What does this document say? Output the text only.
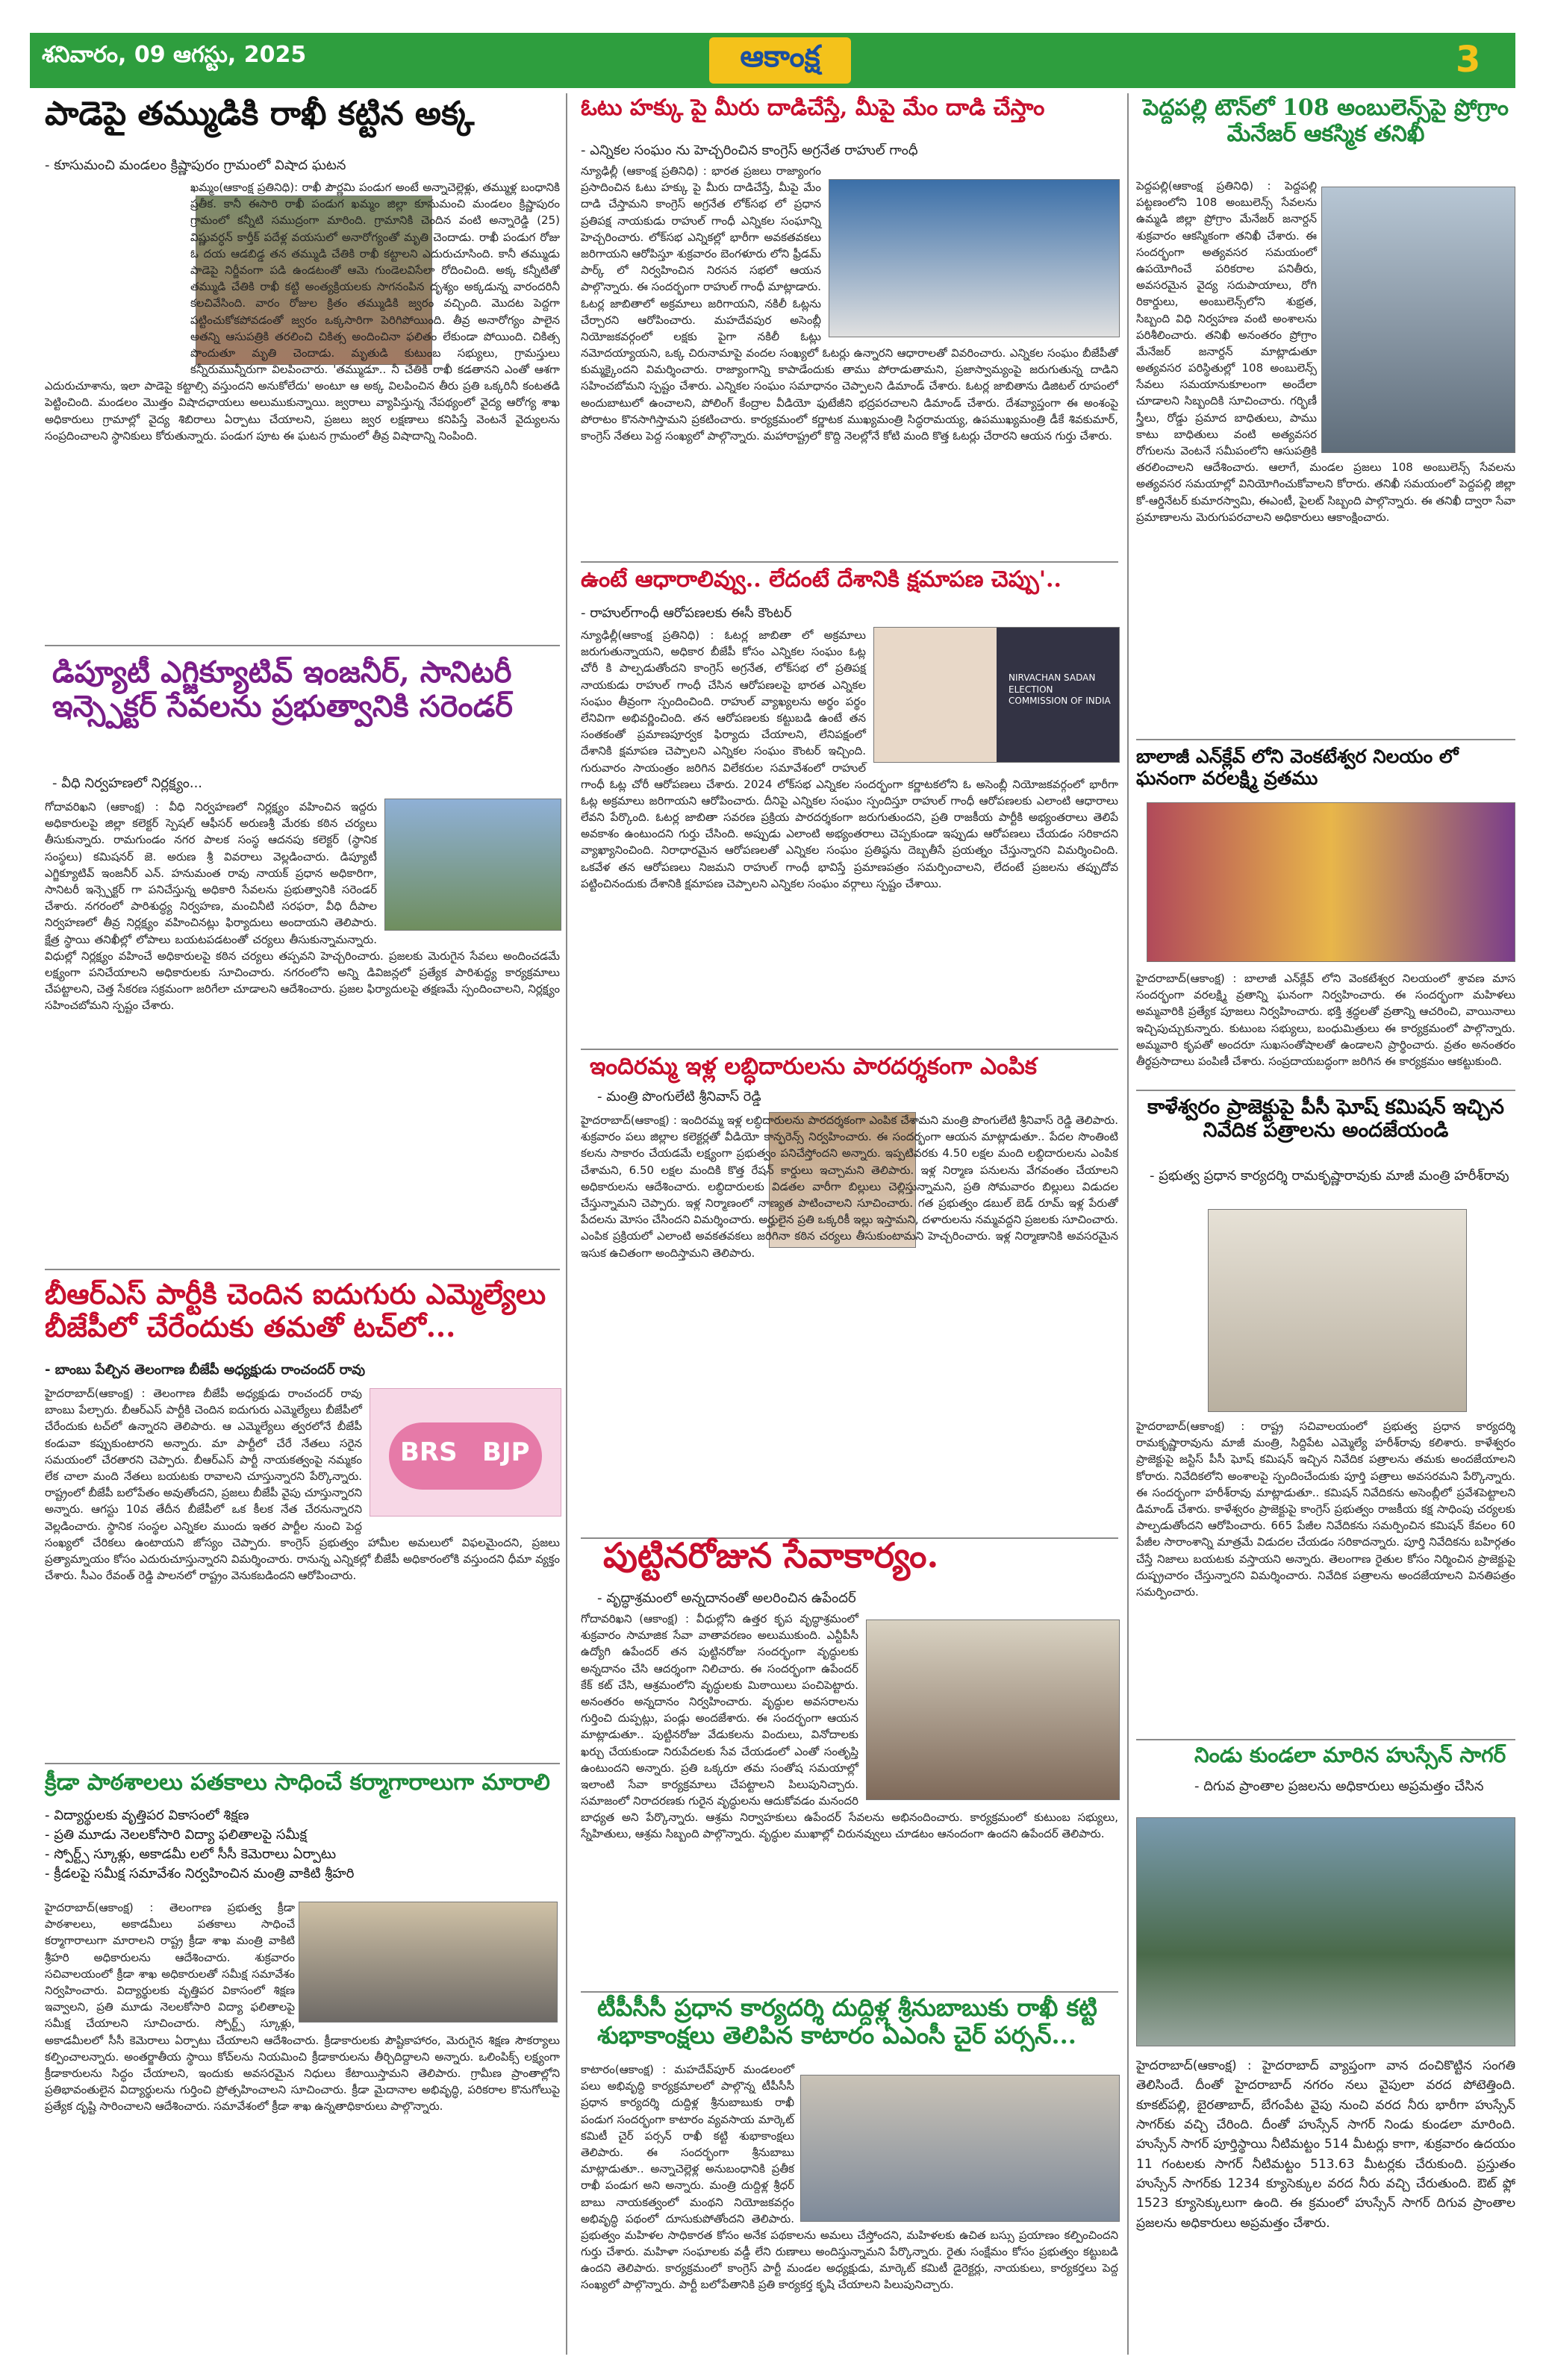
శనివారం, 09 ఆగస్టు, 2025	ఆకాంక్ష	3
పాడెపై తమ్ముడికి రాఖీ కట్టిన అక్క
- కూసుమంచి మండలం క్రిష్ణాపురం గ్రామంలో విషాద ఘటన
ఖమ్మం(ఆకాంక్ష ప్రతినిధి): రాఖీ పౌర్ణమి పండుగ అంటే అన్నాచెల్లెళ్లు, తమ్ముళ్ల బంధానికి ప్రతీక. కానీ ఈసారి రాఖీ పండుగ ఖమ్మం జిల్లా కూసుమంచి మండలం క్రిష్ణాపురం గ్రామంలో కన్నీటి సముద్రంగా మారింది. గ్రామానికి చెందిన వంటి అన్నారెడ్డి (25) విష్ణువర్ధన్ కార్తీక్ పదేళ్ల వయసులో అనారోగ్యంతో మృతి చెందాడు. రాఖీ పండుగ రోజు ఓ దయ ఆడబిడ్డ తన తమ్ముడి చేతికి రాఖీ కట్టాలని ఎదురుచూసింది. కానీ తమ్ముడు పాడెపై నిర్జీవంగా పడి ఉండటంతో ఆమె గుండెలవిసేలా రోదించింది. అక్క కన్నీటితో తమ్ముడి చేతికి రాఖీ కట్టి అంత్యక్రియలకు సాగనంపిన దృశ్యం అక్కడున్న వారందరినీ కలచివేసింది. వారం రోజుల క్రితం తమ్ముడికి జ్వరం వచ్చింది. మొదట పెద్దగా పట్టించుకోకపోవడంతో జ్వరం ఒక్కసారిగా పెరిగిపోయింది. తీవ్ర అనారోగ్యం పాలైన అతన్ని ఆసుపత్రికి తరలించి చికిత్స అందించినా ఫలితం లేకుండా పోయింది. చికిత్స పొందుతూ మృతి చెందాడు. మృతుడి కుటుంబ సభ్యులు, గ్రామస్తులు కన్నీరుమున్నీరుగా విలపించారు. 'తమ్ముడూ.. నీ చేతికి రాఖీ కడతానని ఎంతో ఆశగా ఎదురుచూశాను, ఇలా పాడెపై కట్టాల్సి వస్తుందని అనుకోలేదు' అంటూ ఆ అక్క విలపించిన తీరు ప్రతి ఒక్కరినీ కంటతడి పెట్టించింది. మండలం మొత్తం విషాదఛాయలు అలుముకున్నాయి. జ్వరాలు వ్యాపిస్తున్న నేపథ్యంలో వైద్య ఆరోగ్య శాఖ అధికారులు గ్రామాల్లో వైద్య శిబిరాలు ఏర్పాటు చేయాలని, ప్రజలు జ్వర లక్షణాలు కనిపిస్తే వెంటనే వైద్యులను సంప్రదించాలని స్థానికులు కోరుతున్నారు. పండుగ పూట ఈ ఘటన గ్రామంలో తీవ్ర విషాదాన్ని నింపింది.
డిప్యూటీ ఎగ్జిక్యూటివ్ ఇంజనీర్, సానిటరీ ఇన్స్పెక్టర్ సేవలను ప్రభుత్వానికి సరెండర్
- వీధి నిర్వహణలో నిర్లక్ష్యం...
గోదావరిఖని (ఆకాంక్ష) : వీధి నిర్వహణలో నిర్లక్ష్యం వహించిన ఇద్దరు అధికారులపై జిల్లా కలెక్టర్ స్పెషల్ ఆఫీసర్ అరుణశ్రీ మేరకు కఠిన చర్యలు తీసుకున్నారు. రామగుండం నగర పాలక సంస్థ ఆదనపు కలెక్టర్ (స్థానిక సంస్థలు) కమిషనర్ జె. అరుణ శ్రీ వివరాలు వెల్లడించారు. డిప్యూటీ ఎగ్జిక్యూటివ్ ఇంజనీర్ ఎన్. హనుమంత రావు నాయక్ ప్రధాన అధికారిగా, సానిటరీ ఇన్స్పెక్టర్ గా పనిచేస్తున్న అధికారి సేవలను ప్రభుత్వానికి సరెండర్ చేశారు. నగరంలో పారిశుద్ధ్య నిర్వహణ, మంచినీటి సరఫరా, వీధి దీపాల నిర్వహణలో తీవ్ర నిర్లక్ష్యం వహించినట్లు ఫిర్యాదులు అందాయని తెలిపారు. క్షేత్ర స్థాయి తనిఖీల్లో లోపాలు బయటపడటంతో చర్యలు తీసుకున్నామన్నారు. విధుల్లో నిర్లక్ష్యం వహించే అధికారులపై కఠిన చర్యలు తప్పవని హెచ్చరించారు. ప్రజలకు మెరుగైన సేవలు అందించడమే లక్ష్యంగా పనిచేయాలని అధికారులకు సూచించారు. నగరంలోని అన్ని డివిజన్లలో ప్రత్యేక పారిశుద్ధ్య కార్యక్రమాలు చేపట్టాలని, చెత్త సేకరణ సక్రమంగా జరిగేలా చూడాలని ఆదేశించారు. ప్రజల ఫిర్యాదులపై తక్షణమే స్పందించాలని, నిర్లక్ష్యం సహించబోమని స్పష్టం చేశారు.
బీఆర్ఎస్ పార్టీకి చెందిన ఐదుగురు ఎమ్మెల్యేలు బీజేపీలో చేరేందుకు తమతో టచ్‌లో...
- బాంబు పేల్చిన తెలంగాణ బీజేపీ అధ్యక్షుడు రాంచందర్ రావు
BRS BJP
హైదరాబాద్(ఆకాంక్ష) : తెలంగాణ బీజేపీ అధ్యక్షుడు రాంచందర్ రావు బాంబు పేల్చారు. బీఆర్ఎస్ పార్టీకి చెందిన ఐదుగురు ఎమ్మెల్యేలు బీజేపీలో చేరేందుకు టచ్‌లో ఉన్నారని తెలిపారు. ఆ ఎమ్మెల్యేలు త్వరలోనే బీజేపీ కండువా కప్పుకుంటారని అన్నారు. మా పార్టీలో చేరే నేతలు సరైన సమయంలో చేరతారని చెప్పారు. బీఆర్ఎస్ పార్టీ నాయకత్వంపై నమ్మకం లేక చాలా మంది నేతలు బయటకు రావాలని చూస్తున్నారని పేర్కొన్నారు. రాష్ట్రంలో బీజేపీ బలోపేతం అవుతోందని, ప్రజలు బీజేపీ వైపు చూస్తున్నారని అన్నారు. ఆగస్టు 10వ తేదీన బీజేపీలో ఒక కీలక నేత చేరనున్నారని వెల్లడించారు. స్థానిక సంస్థల ఎన్నికల ముందు ఇతర పార్టీల నుంచి పెద్ద సంఖ్యలో చేరికలు ఉంటాయని జోస్యం చెప్పారు. కాంగ్రెస్ ప్రభుత్వం హామీల అమలులో విఫలమైందని, ప్రజలు ప్రత్యామ్నాయం కోసం ఎదురుచూస్తున్నారని విమర్శించారు. రానున్న ఎన్నికల్లో బీజేపీ అధికారంలోకి వస్తుందని ధీమా వ్యక్తం చేశారు. సీఎం రేవంత్ రెడ్డి పాలనలో రాష్ట్రం వెనుకబడిందని ఆరోపించారు.
క్రీడా పాఠశాలలు పతకాలు సాధించే కర్మాగారాలుగా మారాలి
- విద్యార్థులకు వృత్తిపర వికాసంలో శిక్షణ
- ప్రతి మూడు నెలలకోసారి విద్యా ఫలితాలపై సమీక్ష
- స్పోర్ట్స్ స్కూళ్లు, అకాడమీ లలో సీసీ కెమెరాలు ఏర్పాటు
- క్రీడలపై సమీక్ష సమావేశం నిర్వహించిన మంత్రి వాకిటి శ్రీహరి
హైదరాబాద్(ఆకాంక్ష) : తెలంగాణ ప్రభుత్వ క్రీడా పాఠశాలలు, అకాడమీలు పతకాలు సాధించే కర్మాగారాలుగా మారాలని రాష్ట్ర క్రీడా శాఖ మంత్రి వాకిటి శ్రీహరి అధికారులను ఆదేశించారు. శుక్రవారం సచివాలయంలో క్రీడా శాఖ అధికారులతో సమీక్ష సమావేశం నిర్వహించారు. విద్యార్థులకు వృత్తిపర వికాసంలో శిక్షణ ఇవ్వాలని, ప్రతి మూడు నెలలకోసారి విద్యా ఫలితాలపై సమీక్ష చేయాలని సూచించారు. స్పోర్ట్స్ స్కూళ్లు, అకాడమీలలో సీసీ కెమెరాలు ఏర్పాటు చేయాలని ఆదేశించారు. క్రీడాకారులకు పౌష్టికాహారం, మెరుగైన శిక్షణ సౌకర్యాలు కల్పించాలన్నారు. అంతర్జాతీయ స్థాయి కోచ్‌లను నియమించి క్రీడాకారులను తీర్చిదిద్దాలని అన్నారు. ఒలింపిక్స్ లక్ష్యంగా క్రీడాకారులను సిద్ధం చేయాలని, ఇందుకు అవసరమైన నిధులు కేటాయిస్తామని తెలిపారు. గ్రామీణ ప్రాంతాల్లోని ప్రతిభావంతులైన విద్యార్థులను గుర్తించి ప్రోత్సహించాలని సూచించారు. క్రీడా మైదానాల అభివృద్ధి, పరికరాల కొనుగోలుపై ప్రత్యేక దృష్టి సారించాలని ఆదేశించారు. సమావేశంలో క్రీడా శాఖ ఉన్నతాధికారులు పాల్గొన్నారు.
ఓటు హక్కు పై మీరు దాడిచేస్తే, మీపై మేం దాడి చేస్తాం
- ఎన్నికల సంఘం ను హెచ్చరించిన కాంగ్రెస్ అగ్రనేత రాహుల్ గాంధీ
న్యూఢిల్లీ (ఆకాంక్ష ప్రతినిధి) : భారత ప్రజలు రాజ్యాంగం ప్రసాదించిన ఓటు హక్కు పై మీరు దాడిచేస్తే, మీపై మేం దాడి చేస్తామని కాంగ్రెస్ అగ్రనేత లోక్‌సభ లో ప్రధాన ప్రతిపక్ష నాయకుడు రాహుల్ గాంధీ ఎన్నికల సంఘాన్ని హెచ్చరించారు. లోక్‌సభ ఎన్నికల్లో భారీగా అవకతవకలు జరిగాయని ఆరోపిస్తూ శుక్రవారం బెంగళూరు లోని ఫ్రీడమ్ పార్క్ లో నిర్వహించిన నిరసన సభలో ఆయన పాల్గొన్నారు. ఈ సందర్భంగా రాహుల్ గాంధీ మాట్లాడారు. ఓటర్ల జాబితాలో అక్రమాలు జరిగాయని, నకిలీ ఓట్లను చేర్చారని ఆరోపించారు. మహదేవపుర అసెంబ్లీ నియోజకవర్గంలో లక్షకు పైగా నకిలీ ఓట్లు నమోదయ్యాయని, ఒక్క చిరునామాపై వందల సంఖ్యలో ఓటర్లు ఉన్నారని ఆధారాలతో వివరించారు. ఎన్నికల సంఘం బీజేపీతో కుమ్మక్కైందని విమర్శించారు. రాజ్యాంగాన్ని కాపాడేందుకు తాము పోరాడుతామని, ప్రజాస్వామ్యంపై జరుగుతున్న దాడిని సహించబోమని స్పష్టం చేశారు. ఎన్నికల సంఘం సమాధానం చెప్పాలని డిమాండ్ చేశారు. ఓటర్ల జాబితాను డిజిటల్ రూపంలో అందుబాటులో ఉంచాలని, పోలింగ్ కేంద్రాల వీడియో ఫుటేజీని భద్రపరచాలని డిమాండ్ చేశారు. దేశవ్యాప్తంగా ఈ అంశంపై పోరాటం కొనసాగిస్తామని ప్రకటించారు. కార్యక్రమంలో కర్ణాటక ముఖ్యమంత్రి సిద్ధరామయ్య, ఉపముఖ్యమంత్రి డీకే శివకుమార్, కాంగ్రెస్ నేతలు పెద్ద సంఖ్యలో పాల్గొన్నారు. మహారాష్ట్రలో కొద్ది నెలల్లోనే కోటి మంది కొత్త ఓటర్లు చేరారని ఆయన గుర్తు చేశారు.
ఉంటే ఆధారాలివ్వు.. లేదంటే దేశానికి క్షమాపణ చెప్పు'..
- రాహుల్‌గాంధీ ఆరోపణలకు ఈసీ కౌంటర్
NIRVACHAN SADAN ELECTION COMMISSION OF INDIA
న్యూఢిల్లీ(ఆకాంక్ష ప్రతినిధి) : ఓటర్ల జాబితా లో అక్రమాలు జరుగుతున్నాయని, అధికార బీజేపీ కోసం ఎన్నికల సంఘం ఓట్ల చోరీ కి పాల్పడుతోందని కాంగ్రెస్ అగ్రనేత, లోక్‌సభ లో ప్రతిపక్ష నాయకుడు రాహుల్ గాంధీ చేసిన ఆరోపణలపై భారత ఎన్నికల సంఘం తీవ్రంగా స్పందించింది. రాహుల్ వ్యాఖ్యలను అర్థం పర్థం లేనివిగా అభివర్ణించింది. తన ఆరోపణలకు కట్టుబడి ఉంటే తన సంతకంతో ప్రమాణపూర్వక ఫిర్యాదు చేయాలని, లేనిపక్షంలో దేశానికి క్షమాపణ చెప్పాలని ఎన్నికల సంఘం కౌంటర్ ఇచ్చింది. గురువారం సాయంత్రం జరిగిన విలేకరుల సమావేశంలో రాహుల్ గాంధీ ఓట్ల చోరీ ఆరోపణలు చేశారు. 2024 లోక్‌సభ ఎన్నికల సందర్భంగా కర్ణాటకలోని ఓ అసెంబ్లీ నియోజకవర్గంలో భారీగా ఓట్ల అక్రమాలు జరిగాయని ఆరోపించారు. దీనిపై ఎన్నికల సంఘం స్పందిస్తూ రాహుల్ గాంధీ ఆరోపణలకు ఎలాంటి ఆధారాలు లేవని పేర్కొంది. ఓటర్ల జాబితా సవరణ ప్రక్రియ పారదర్శకంగా జరుగుతుందని, ప్రతి రాజకీయ పార్టీకి అభ్యంతరాలు తెలిపే అవకాశం ఉంటుందని గుర్తు చేసింది. అప్పుడు ఎలాంటి అభ్యంతరాలు చెప్పకుండా ఇప్పుడు ఆరోపణలు చేయడం సరికాదని వ్యాఖ్యానించింది. నిరాధారమైన ఆరోపణలతో ఎన్నికల సంఘం ప్రతిష్ఠను దెబ్బతీసే ప్రయత్నం చేస్తున్నారని విమర్శించింది. ఒకవేళ తన ఆరోపణలు నిజమని రాహుల్ గాంధీ భావిస్తే ప్రమాణపత్రం సమర్పించాలని, లేదంటే ప్రజలను తప్పుదోవ పట్టించినందుకు దేశానికి క్షమాపణ చెప్పాలని ఎన్నికల సంఘం వర్గాలు స్పష్టం చేశాయి.
ఇందిరమ్మ ఇళ్ల లబ్ధిదారులను పారదర్శకంగా ఎంపిక
- మంత్రి పొంగులేటి శ్రీనివాస్ రెడ్డి
హైదరాబాద్(ఆకాంక్ష) : ఇందిరమ్మ ఇళ్ల లబ్ధిదారులను పారదర్శకంగా ఎంపిక చేశామని మంత్రి పొంగులేటి శ్రీనివాస్ రెడ్డి తెలిపారు. శుక్రవారం పలు జిల్లాల కలెక్టర్లతో వీడియో కాన్ఫరెన్స్ నిర్వహించారు. ఈ సందర్భంగా ఆయన మాట్లాడుతూ.. పేదల సొంతింటి కలను సాకారం చేయడమే లక్ష్యంగా ప్రభుత్వం పనిచేస్తోందని అన్నారు. ఇప్పటివరకు 4.50 లక్షల మంది లబ్ధిదారులను ఎంపిక చేశామని, 6.50 లక్షల మందికి కొత్త రేషన్ కార్డులు ఇచ్చామని తెలిపారు. ఇళ్ల నిర్మాణ పనులను వేగవంతం చేయాలని అధికారులను ఆదేశించారు. లబ్ధిదారులకు విడతల వారీగా బిల్లులు చెల్లిస్తున్నామని, ప్రతి సోమవారం బిల్లులు విడుదల చేస్తున్నామని చెప్పారు. ఇళ్ల నిర్మాణంలో నాణ్యత పాటించాలని సూచించారు. గత ప్రభుత్వం డబుల్ బెడ్ రూమ్ ఇళ్ల పేరుతో పేదలను మోసం చేసిందని విమర్శించారు. అర్హులైన ప్రతి ఒక్కరికీ ఇల్లు ఇస్తామని, దళారులను నమ్మవద్దని ప్రజలకు సూచించారు. ఎంపిక ప్రక్రియలో ఎలాంటి అవకతవకలు జరిగినా కఠిన చర్యలు తీసుకుంటామని హెచ్చరించారు. ఇళ్ల నిర్మాణానికి అవసరమైన ఇసుక ఉచితంగా అందిస్తామని తెలిపారు.
పుట్టినరోజున సేవాకార్యం.
- వృద్ధాశ్రమంలో అన్నదానంతో అలరించిన ఉపేందర్
గోదావరిఖని (ఆకాంక్ష) : వీధుల్లోని ఉత్తర కృప వృద్ధాశ్రమంలో శుక్రవారం సామాజిక సేవా వాతావరణం అలుముకుంది. ఎన్టీపీసీ ఉద్యోగి ఉపేందర్ తన పుట్టినరోజు సందర్భంగా వృద్ధులకు అన్నదానం చేసి ఆదర్శంగా నిలిచారు. ఈ సందర్భంగా ఉపేందర్ కేక్ కట్ చేసి, ఆశ్రమంలోని వృద్ధులకు మిఠాయిలు పంచిపెట్టారు. అనంతరం అన్నదానం నిర్వహించారు. వృద్ధుల అవసరాలను గుర్తించి దుప్పట్లు, పండ్లు అందజేశారు. ఈ సందర్భంగా ఆయన మాట్లాడుతూ.. పుట్టినరోజు వేడుకలను విందులు, వినోదాలకు ఖర్చు చేయకుండా నిరుపేదలకు సేవ చేయడంలో ఎంతో సంతృప్తి ఉంటుందని అన్నారు. ప్రతి ఒక్కరూ తమ సంతోష సమయాల్లో ఇలాంటి సేవా కార్యక్రమాలు చేపట్టాలని పిలుపునిచ్చారు. సమాజంలో నిరాదరణకు గురైన వృద్ధులను ఆదుకోవడం మనందరి బాధ్యత అని పేర్కొన్నారు. ఆశ్రమ నిర్వాహకులు ఉపేందర్ సేవలను అభినందించారు. కార్యక్రమంలో కుటుంబ సభ్యులు, స్నేహితులు, ఆశ్రమ సిబ్బంది పాల్గొన్నారు. వృద్ధుల ముఖాల్లో చిరునవ్వులు చూడటం ఆనందంగా ఉందని ఉపేందర్ తెలిపారు.
టీపీసీసీ ప్రధాన కార్యదర్శి దుద్దిళ్ల శ్రీనుబాబుకు రాఖీ కట్టి శుభాకాంక్షలు తెలిపిన కాటారం ఏఎంసీ చైర్ పర్సన్...
కాటారం(ఆకాంక్ష) : మహదేవ్‌పూర్ మండలంలో పలు అభివృద్ధి కార్యక్రమాలలో పాల్గొన్న టీపీసీసీ ప్రధాన కార్యదర్శి దుద్దిళ్ల శ్రీనుబాబుకు రాఖీ పండుగ సందర్భంగా కాటారం వ్యవసాయ మార్కెట్ కమిటీ చైర్ పర్సన్ రాఖీ కట్టి శుభాకాంక్షలు తెలిపారు. ఈ సందర్భంగా శ్రీనుబాబు మాట్లాడుతూ.. అన్నాచెల్లెళ్ల అనుబంధానికి ప్రతీక రాఖీ పండుగ అని అన్నారు. మంత్రి దుద్దిళ్ల శ్రీధర్ బాబు నాయకత్వంలో మంథని నియోజకవర్గం అభివృద్ధి పథంలో దూసుకుపోతోందని తెలిపారు. ప్రభుత్వం మహిళల సాధికారత కోసం అనేక పథకాలను అమలు చేస్తోందని, మహిళలకు ఉచిత బస్సు ప్రయాణం కల్పించిందని గుర్తు చేశారు. మహిళా సంఘాలకు వడ్డీ లేని రుణాలు అందిస్తున్నామని పేర్కొన్నారు. రైతు సంక్షేమం కోసం ప్రభుత్వం కట్టుబడి ఉందని తెలిపారు. కార్యక్రమంలో కాంగ్రెస్ పార్టీ మండల అధ్యక్షుడు, మార్కెట్ కమిటీ డైరెక్టర్లు, నాయకులు, కార్యకర్తలు పెద్ద సంఖ్యలో పాల్గొన్నారు. పార్టీ బలోపేతానికి ప్రతి కార్యకర్త కృషి చేయాలని పిలుపునిచ్చారు.
పెద్దపల్లి టౌన్‌లో 108 అంబులెన్స్‌పై ప్రోగ్రాం మేనేజర్ ఆకస్మిక తనిఖీ
పెద్దపల్లి(ఆకాంక్ష ప్రతినిధి) : పెద్దపల్లి పట్టణంలోని 108 అంబులెన్స్ సేవలను ఉమ్మడి జిల్లా ప్రోగ్రాం మేనేజర్ జనార్దన్ శుక్రవారం ఆకస్మికంగా తనిఖీ చేశారు. ఈ సందర్భంగా అత్యవసర సమయంలో ఉపయోగించే పరికరాల పనితీరు, అవసరమైన వైద్య సదుపాయాలు, రోగి రికార్డులు, అంబులెన్స్‌లోని శుభ్రత, సిబ్బంది విధి నిర్వహణ వంటి అంశాలను పరిశీలించారు. తనిఖీ అనంతరం ప్రోగ్రాం మేనేజర్ జనార్దన్ మాట్లాడుతూ అత్యవసర పరిస్థితుల్లో 108 అంబులెన్స్ సేవలు సమయానుకూలంగా అందేలా చూడాలని సిబ్బందికి సూచించారు. గర్భిణీ స్త్రీలు, రోడ్డు ప్రమాద బాధితులు, పాము కాటు బాధితులు వంటి అత్యవసర రోగులను వెంటనే సమీపంలోని ఆసుపత్రికి తరలించాలని ఆదేశించారు. ఆలాగే, మండల ప్రజలు 108 అంబులెన్స్ సేవలను అత్యవసర సమయాల్లో వినియోగించుకోవాలని కోరారు. తనిఖీ సమయంలో పెద్దపల్లి జిల్లా కో-ఆర్డినేటర్ కుమారస్వామి, ఈఎంటీ, పైలట్ సిబ్బంది పాల్గొన్నారు. ఈ తనిఖీ ద్వారా సేవా ప్రమాణాలను మెరుగుపరచాలని అధికారులు ఆకాంక్షించారు.
బాలాజీ ఎన్‌క్లేవ్ లోని వెంకటేశ్వర నిలయం లో ఘనంగా వరలక్ష్మి వ్రతము
హైదరాబాద్(ఆకాంక్ష) : బాలాజీ ఎన్‌క్లేవ్ లోని వెంకటేశ్వర నిలయంలో శ్రావణ మాస సందర్భంగా వరలక్ష్మి వ్రతాన్ని ఘనంగా నిర్వహించారు. ఈ సందర్భంగా మహిళలు అమ్మవారికి ప్రత్యేక పూజలు నిర్వహించారు. భక్తి శ్రద్ధలతో వ్రతాన్ని ఆచరించి, వాయినాలు ఇచ్చిపుచ్చుకున్నారు. కుటుంబ సభ్యులు, బంధుమిత్రులు ఈ కార్యక్రమంలో పాల్గొన్నారు. అమ్మవారి కృపతో అందరూ సుఖసంతోషాలతో ఉండాలని ప్రార్థించారు. వ్రతం అనంతరం తీర్థప్రసాదాలు పంపిణీ చేశారు. సంప్రదాయబద్ధంగా జరిగిన ఈ కార్యక్రమం ఆకట్టుకుంది.
కాళేశ్వరం ప్రాజెక్టుపై పీసీ ఘోష్ కమిషన్ ఇచ్చిన నివేదిక పత్రాలను అందజేయండి
- ప్రభుత్వ ప్రధాన కార్యదర్శి రామకృష్ణారావుకు మాజీ మంత్రి హరీశ్‌రావు
హైదరాబాద్(ఆకాంక్ష) : రాష్ట్ర సచివాలయంలో ప్రభుత్వ ప్రధాన కార్యదర్శి రామకృష్ణారావును మాజీ మంత్రి, సిద్దిపేట ఎమ్మెల్యే హరీశ్‌రావు కలిశారు. కాళేశ్వరం ప్రాజెక్టుపై జస్టిస్ పీసీ ఘోష్ కమిషన్ ఇచ్చిన నివేదిక పత్రాలను తమకు అందజేయాలని కోరారు. నివేదికలోని అంశాలపై స్పందించేందుకు పూర్తి పత్రాలు అవసరమని పేర్కొన్నారు. ఈ సందర్భంగా హరీశ్‌రావు మాట్లాడుతూ.. కమిషన్ నివేదికను అసెంబ్లీలో ప్రవేశపెట్టాలని డిమాండ్ చేశారు. కాళేశ్వరం ప్రాజెక్టుపై కాంగ్రెస్ ప్రభుత్వం రాజకీయ కక్ష సాధింపు చర్యలకు పాల్పడుతోందని ఆరోపించారు. 665 పేజీల నివేదికను సమర్పించిన కమిషన్ కేవలం 60 పేజీల సారాంశాన్ని మాత్రమే విడుదల చేయడం సరికాదన్నారు. పూర్తి నివేదికను బహిర్గతం చేస్తే నిజాలు బయటకు వస్తాయని అన్నారు. తెలంగాణ రైతుల కోసం నిర్మించిన ప్రాజెక్టుపై దుష్ప్రచారం చేస్తున్నారని విమర్శించారు. నివేదిక పత్రాలను అందజేయాలని వినతిపత్రం సమర్పించారు.
నిండు కుండలా మారిన హుస్సేన్ సాగర్
- దిగువ ప్రాంతాల ప్రజలను అధికారులు అప్రమత్తం చేసిన
హైదరాబాద్(ఆకాంక్ష) : హైదరాబాద్ వ్యాప్తంగా వాన దంచికొట్టిన సంగతి తెలిసిందే. దీంతో హైదరాబాద్ నగరం నలు వైపులా వరద పోటెత్తింది. కూకట్‌పల్లి, బైరతాబాద్, బేగంపేట వైపు నుంచి వరద నీరు భారీగా హుస్సేన్ సాగర్‌కు వచ్చి చేరింది. దీంతో హుస్సేన్ సాగర్ నిండు కుండలా మారింది. హుస్సేన్ సాగర్ పూర్తిస్థాయి నీటిమట్టం 514 మీటర్లు కాగా, శుక్రవారం ఉదయం 11 గంటలకు సాగర్ నీటిమట్టం 513.63 మీటర్లకు చేరుకుంది. ప్రస్తుతం హుస్సేన్ సాగర్‌కు 1234 క్యూసెక్కుల వరద నీరు వచ్చి చేరుతుంది. ఔట్ ఫ్లో 1523 క్యూసెక్కులుగా ఉంది. ఈ క్రమంలో హుస్సేన్ సాగర్ దిగువ ప్రాంతాల ప్రజలను అధికారులు అప్రమత్తం చేశారు.
